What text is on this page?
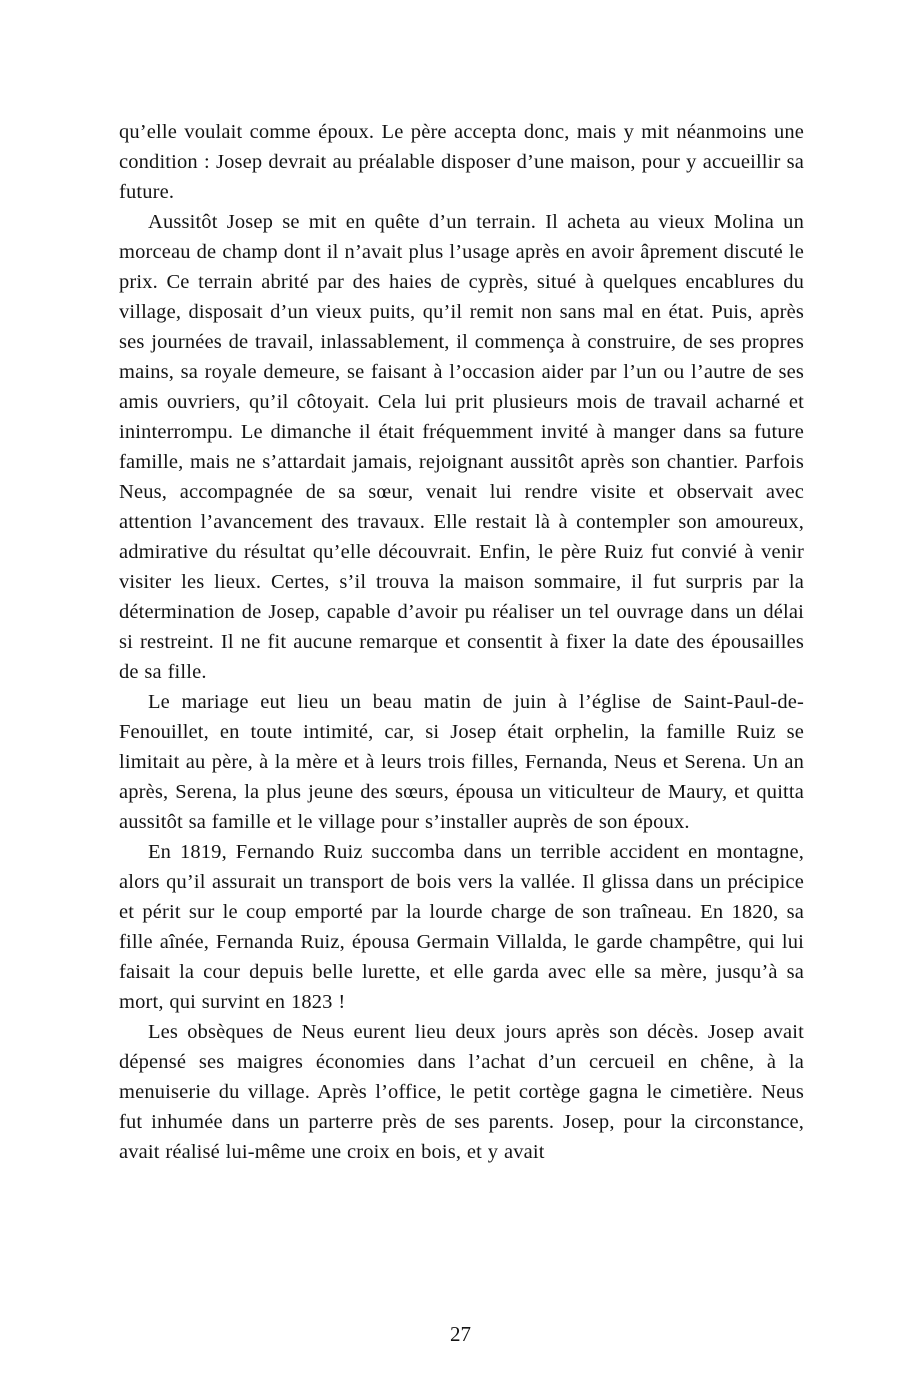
qu’elle voulait comme époux. Le père accepta donc, mais y mit néanmoins une condition : Josep devrait au préalable disposer d’une maison, pour y accueillir sa future.

Aussitôt Josep se mit en quête d’un terrain. Il acheta au vieux Molina un morceau de champ dont il n’avait plus l’usage après en avoir âprement discuté le prix. Ce terrain abrité par des haies de cyprès, situé à quelques encablures du village, disposait d’un vieux puits, qu’il remit non sans mal en état. Puis, après ses journées de travail, inlassablement, il commença à construire, de ses propres mains, sa royale demeure, se faisant à l’occasion aider par l’un ou l’autre de ses amis ouvriers, qu’il côtoyait. Cela lui prit plusieurs mois de travail acharné et ininterrompu. Le dimanche il était fréquemment invité à manger dans sa future famille, mais ne s’attardait jamais, rejoignant aussitôt après son chantier. Parfois Neus, accompagnée de sa sœur, venait lui rendre visite et observait avec attention l’avancement des travaux. Elle restait là à contempler son amoureux, admirative du résultat qu’elle découvrait. Enfin, le père Ruiz fut convié à venir visiter les lieux. Certes, s’il trouva la maison sommaire, il fut surpris par la détermination de Josep, capable d’avoir pu réaliser un tel ouvrage dans un délai si restreint. Il ne fit aucune remarque et consentit à fixer la date des épousailles de sa fille.

Le mariage eut lieu un beau matin de juin à l’église de Saint-Paul-de-Fenouillet, en toute intimité, car, si Josep était orphelin, la famille Ruiz se limitait au père, à la mère et à leurs trois filles, Fernanda, Neus et Serena. Un an après, Serena, la plus jeune des sœurs, épousa un viticulteur de Maury, et quitta aussitôt sa famille et le village pour s’installer auprès de son époux.

En 1819, Fernando Ruiz succomba dans un terrible accident en montagne, alors qu’il assurait un transport de bois vers la vallée. Il glissa dans un précipice et périt sur le coup emporté par la lourde charge de son traîneau. En 1820, sa fille aînée, Fernanda Ruiz, épousa Germain Villalda, le garde champêtre, qui lui faisait la cour depuis belle lurette, et elle garda avec elle sa mère, jusqu’à sa mort, qui survint en 1823 !

Les obsèques de Neus eurent lieu deux jours après son décès. Josep avait dépensé ses maigres économies dans l’achat d’un cercueil en chêne, à la menuiserie du village. Après l’office, le petit cortège gagna le cimetière. Neus fut inhumée dans un parterre près de ses parents. Josep, pour la circonstance, avait réalisé lui-même une croix en bois, et y avait

27
